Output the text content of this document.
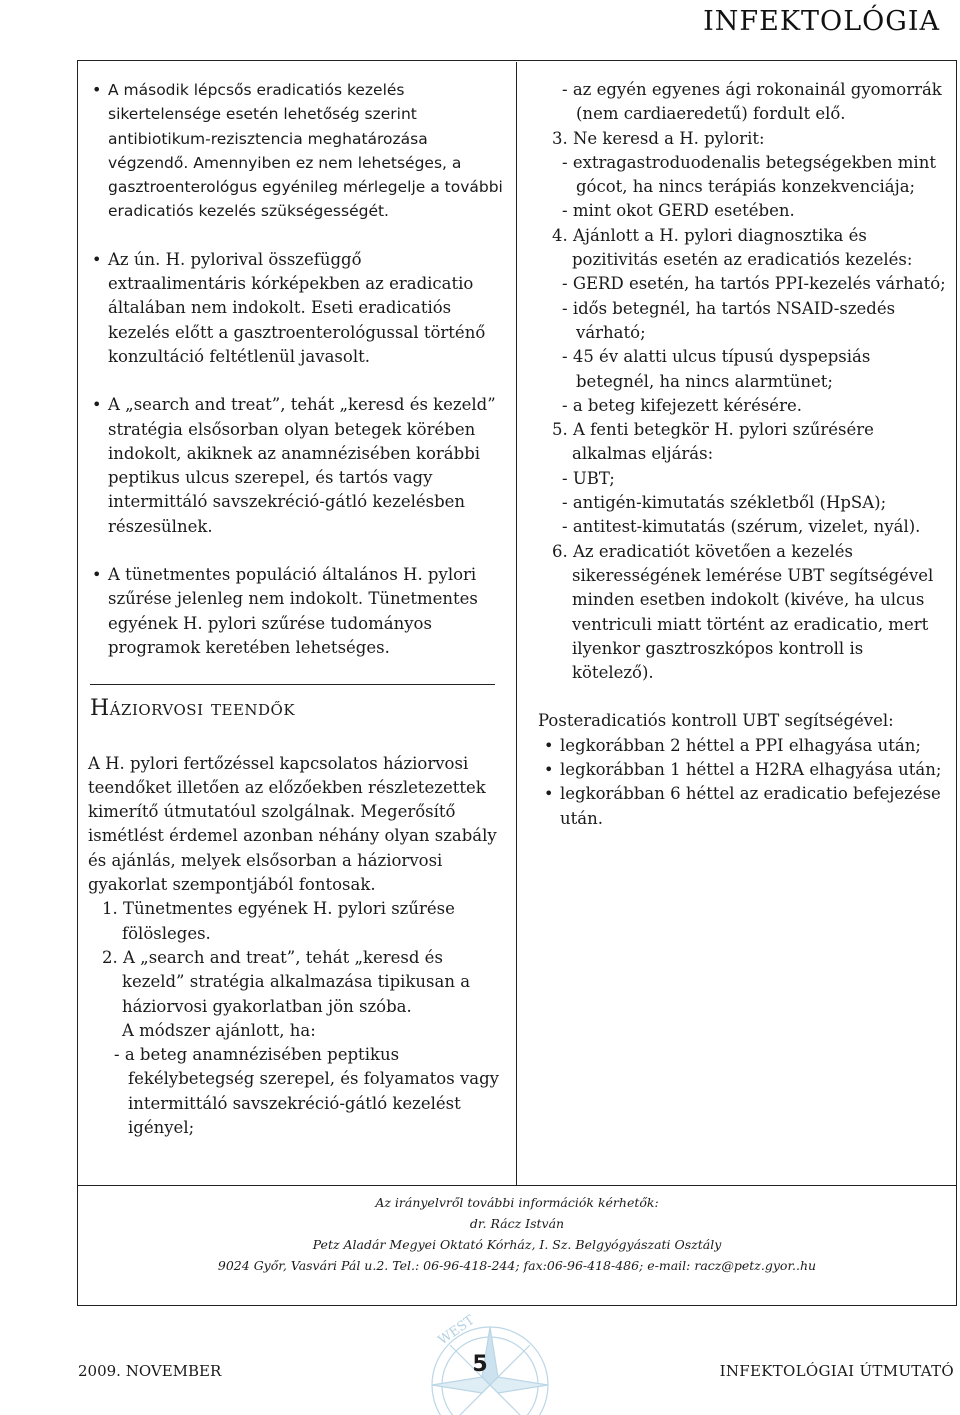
INFEKTOLÓGIA
• A második lépcsős eradicatiós kezelés sikertelensége esetén lehetőség szerint antibiotikum-rezisztencia meghatározása végzendő. Amennyiben ez nem lehetséges, a gasztroenterológus egyénileg mérlegelje a további eradicatiós kezelés szükségességét.
• Az ún. H. pylorival összefüggő extraalimentáris kórképekben az eradicatio általában nem indokolt. Eseti eradicatiós kezelés előtt a gasztroenterológussal történő konzultáció feltétlenül javasolt.
• A „search and treat”, tehát „keresd és kezeld” stratégia elsősorban olyan betegek körében indokolt, akiknek az anamnézisében korábbi peptikus ulcus szerepel, és tartós vagy intermittáló savszekréció-gátló kezelésben részesülnek.
• A tünetmentes populáció általános H. pylori szűrése jelenleg nem indokolt. Tünetmentes egyének H. pylori szűrése tudományos programok keretében lehetséges.
Háziorvosi teendők

A H. pylori fertőzéssel kapcsolatos háziorvosi teendőket illetően az előzőekben részletezettek kimerítő útmutatóul szolgálnak. Megerősítő ismétlést érdemel azonban néhány olyan szabály és ajánlás, melyek elsősorban a háziorvosi gyakorlat szempontjából fontosak.

1. Tünetmentes egyének H. pylori szűrése fölösleges.
2. A „search and treat”, tehát „keresd és kezeld” stratégia alkalmazása tipikusan a háziorvosi gyakorlatban jön szóba.
A módszer ajánlott, ha:
- a beteg anamnézisében peptikus fekélybetegség szerepel, és folyamatos vagy intermittáló savszekréció-gátló kezelést igényel;
- az egyén egyenes ági rokonainál gyomorrák (nem cardiaeredetű) fordult elő.
3. Ne keresd a H. pylorit:
- extragastroduodenalis betegségekben mint gócot, ha nincs terápiás konzekvenciája;
- mint okot GERD esetében.
4. Ajánlott a H. pylori diagnosztika és pozitivitás esetén az eradicatiós kezelés:
- GERD esetén, ha tartós PPI-kezelés várható;
- idős betegnél, ha tartós NSAID-szedés várható;
- 45 év alatti ulcus típusú dyspepsiás betegnél, ha nincs alarmtünet;
- a beteg kifejezett kérésére.
5. A fenti betegkör H. pylori szűrésére alkalmas eljárás:
- UBT;
- antigén-kimutatás székletből (HpSA);
- antitest-kimutatás (szérum, vizelet, nyál).
6. Az eradicatiót követően a kezelés sikerességének lemérése UBT segítségével minden esetben indokolt (kivéve, ha ulcus ventriculi miatt történt az eradicatio, mert ilyenkor gasztroszkópos kontroll is kötelező).
Posteradicatiós kontroll UBT segítségével:
• legkorábban 2 héttel a PPI elhagyása után;
• legkorábban 1 héttel a H2RA elhagyása után;
• legkorábban 6 héttel az eradicatio befejezése után.
Az irányelvről további információk kérhetők:
dr. Rácz István
Petz Aladár Megyei Oktató Kórház, I. Sz. Belgyógyászati Osztály
9024 Győr, Vasvári Pál u.2. Tel.: 06-96-418-244; fax:06-96-418-486; e-mail: racz@petz.gyor..hu
WEST
2009. NOVEMBER	5	INFEKTOLÓGIAI ÚTMUTATÓ
